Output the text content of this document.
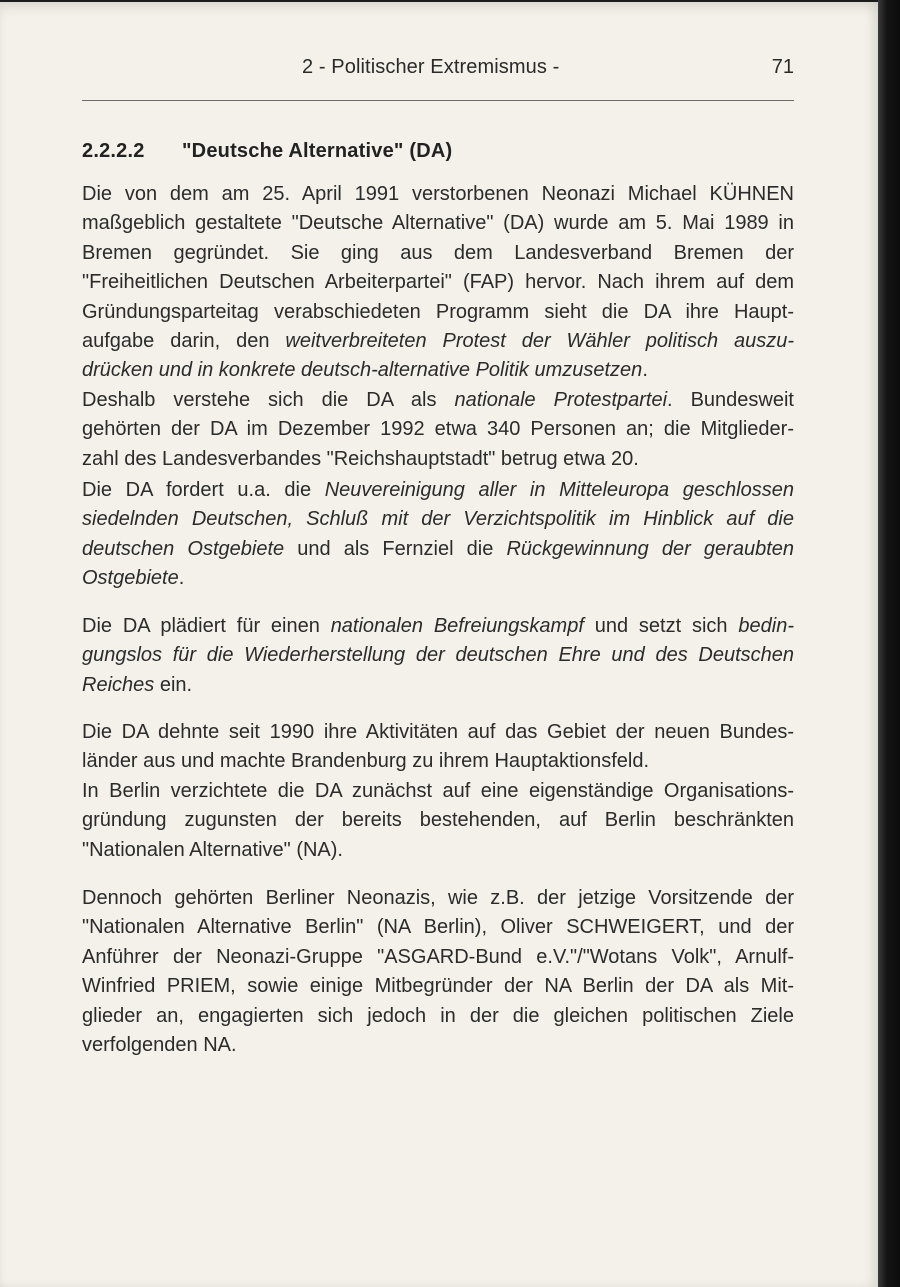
2 - Politischer Extremismus -	71
2.2.2.2 "Deutsche Alternative" (DA)
Die von dem am 25. April 1991 verstorbenen Neonazi Michael KÜHNEN
maßgeblich gestaltete "Deutsche Alternative" (DA) wurde am 5. Mai 1989 in
Bremen gegründet. Sie ging aus dem Landesverband Bremen der
"Freiheitlichen Deutschen Arbeiterpartei" (FAP) hervor. Nach ihrem auf dem
Gründungsparteitag verabschiedeten Programm sieht die DA ihre Haupt-
aufgabe darin, den weitverbreiteten Protest der Wähler politisch auszu-
drücken und in konkrete deutsch-alternative Politik umzusetzen.
Deshalb verstehe sich die DA als nationale Protestpartei. Bundesweit
gehörten der DA im Dezember 1992 etwa 340 Personen an; die Mitglieder-
zahl des Landesverbandes "Reichshauptstadt" betrug etwa 20.
Die DA fordert u.a. die Neuvereinigung aller in Mitteleuropa geschlossen
siedelnden Deutschen, Schluß mit der Verzichtspolitik im Hinblick auf die
deutschen Ostgebiete und als Fernziel die Rückgewinnung der geraubten
Ostgebiete.
Die DA plädiert für einen nationalen Befreiungskampf und setzt sich bedin-
gungslos für die Wiederherstellung der deutschen Ehre und des Deutschen
Reiches ein.
Die DA dehnte seit 1990 ihre Aktivitäten auf das Gebiet der neuen Bundes-
länder aus und machte Brandenburg zu ihrem Hauptaktionsfeld.
In Berlin verzichtete die DA zunächst auf eine eigenständige Organisations-
gründung zugunsten der bereits bestehenden, auf Berlin beschränkten
"Nationalen Alternative" (NA).
Dennoch gehörten Berliner Neonazis, wie z.B. der jetzige Vorsitzende der
"Nationalen Alternative Berlin" (NA Berlin), Oliver SCHWEIGERT, und der
Anführer der Neonazi-Gruppe "ASGARD-Bund e.V."/"Wotans Volk", Arnulf-
Winfried PRIEM, sowie einige Mitbegründer der NA Berlin der DA als Mit-
glieder an, engagierten sich jedoch in der die gleichen politischen Ziele
verfolgenden NA.
